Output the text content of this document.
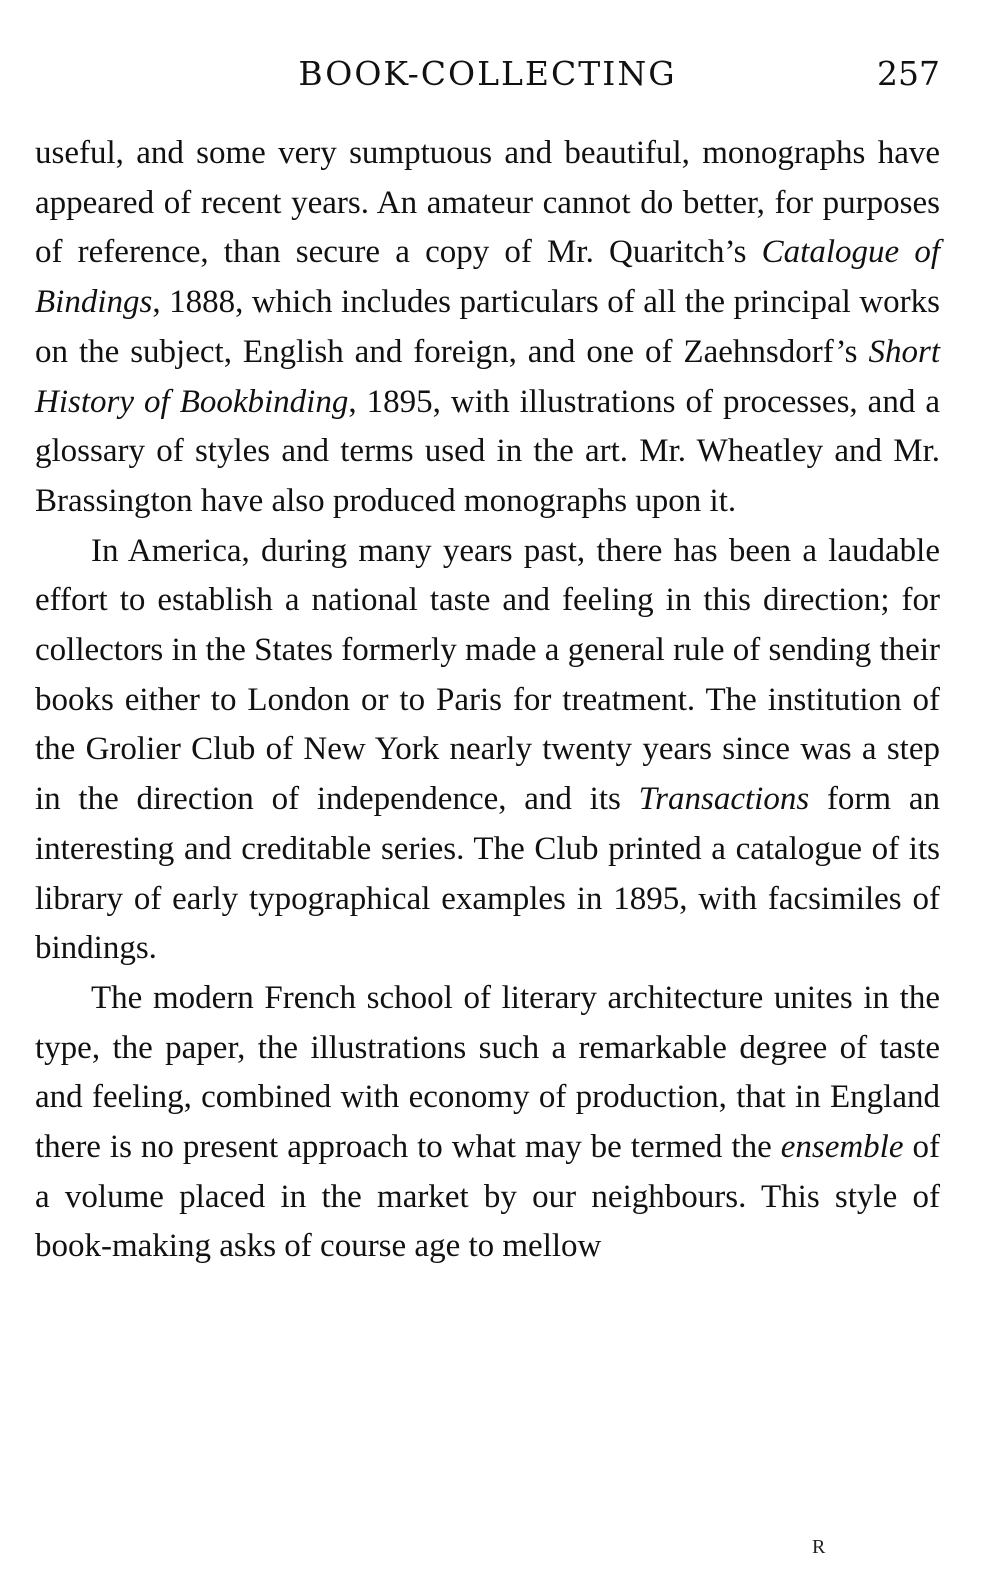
BOOK-COLLECTING	257

useful, and some very sumptuous and beautiful, monographs have appeared of recent years. An amateur cannot do better, for purposes of reference, than secure a copy of Mr. Quaritch’s Catalogue of Bindings, 1888, which includes particulars of all the principal works on the subject, English and foreign, and one of Zaehnsdorf’s Short History of Bookbinding, 1895, with illustrations of processes, and a glossary of styles and terms used in the art. Mr. Wheatley and Mr. Brassington have also produced monographs upon it.

In America, during many years past, there has been a laudable effort to establish a national taste and feeling in this direction; for collectors in the States formerly made a general rule of sending their books either to London or to Paris for treatment. The institution of the Grolier Club of New York nearly twenty years since was a step in the direction of independence, and its Transactions form an interesting and creditable series. The Club printed a catalogue of its library of early typographical examples in 1895, with facsimiles of bindings.

The modern French school of literary architecture unites in the type, the paper, the illustrations such a remarkable degree of taste and feeling, combined with economy of production, that in England there is no present approach to what may be termed the ensemble of a volume placed in the market by our neighbours. This style of book-making asks of course age to mellow

R
